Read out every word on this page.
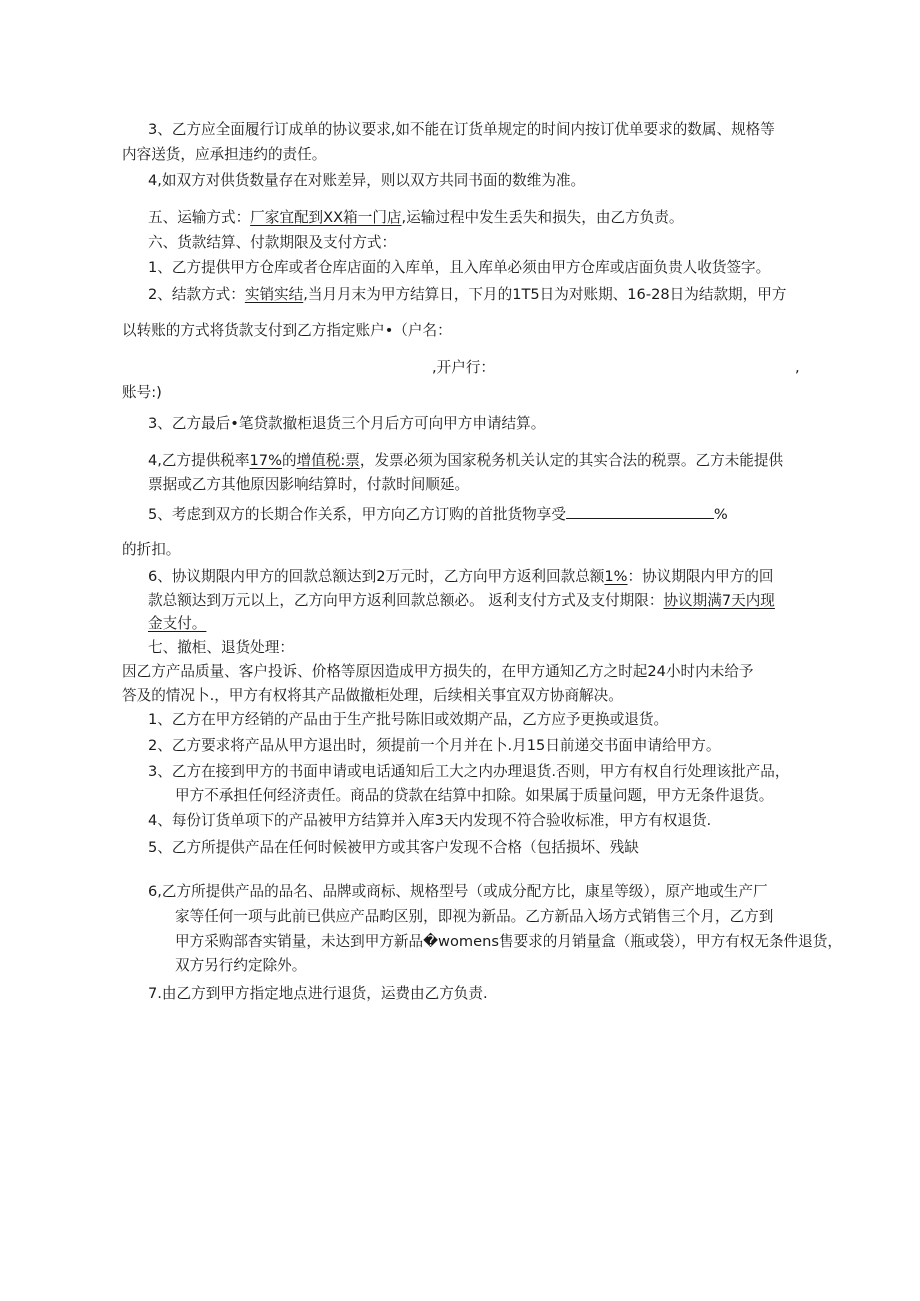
3、乙方应全面履行订成单的协议要求,如不能在订货单规定的时间内按订优单要求的数属、规格等
内容送货，应承担违约的责任。
4,如双方对供货数量存在对账差异，则以双方共同书面的数维为准。
五、运输方式：厂家宜配到XX箱一门店,运输过程中发生丢失和损失，由乙方负责。
六、货款结算、付款期限及支付方式：
1、乙方提供甲方仓库或者仓库店面的入库单，且入库单必须由甲方仓库或店面负贵人收货签字。
2、结款方式：实销实结,当月月末为甲方结算日，下月的1T5日为对账期、16-28日为结款期，甲方
以转账的方式将货款支付到乙方指定账户•（户名：
,开户行：	,
账号:)
3、乙方最后•笔贷款撤柜退货三个月后方可向甲方申请结算。
4,乙方提供税率17%的增值税:票，发票必须为国家税务机关认定的其实合法的税票。乙方未能提供
票据或乙方其他原因影响结算时，付款时间顺延。
5、考虑到双方的长期合作关系，甲方向乙方订购的首批货物享受	%
的折扣。
6、协议期限内甲方的回款总额达到2万元时，乙方向甲方返利回款总额1%：协议期限内甲方的回
款总额达到万元以上，乙方向甲方返利回款总额必。 返利支付方式及支付期限：协议期满7天内现
金支付。
七、撤柜、退货处理：
因乙方产品质量、客户投诉、价格等原因造成甲方损失的，在甲方通知乙方之时起24小时内未给予
答及的情况卜.，甲方有权将其产品做撤柜处理，后续相关事宜双方协商解决。
1、乙方在甲方经销的产品由于生产批号陈旧或效期产品，乙方应予更换或退货。
2、乙方要求将产品从甲方退出时，须提前一个月并在卜.月15日前递交书面申请给甲方。
3、乙方在接到甲方的书面申请或电话通知后工大之内办理退货.否则，甲方有权自行处理该批产品，
甲方不承担任何经济责任。商品的贷款在结算中扣除。如果属于质量问题，甲方无条件退货。
4、每份订货单项下的产品被甲方结算并入库3天内发现不符合验收标准，甲方有权退货.
5、乙方所提供产品在任何时候被甲方或其客户发现不合格（包括损坏、残缺
6,乙方所提供产品的品名、品牌或商标、规格型号（或成分配方比，康星等级），原产地或生产厂
家等任何一项与此前已供应产品畇区别，即视为新品。乙方新品入场方式销售三个月，乙方到
甲方采购部杳实销量，未达到甲方新品�womens售要求的月销量盒（瓶或袋），甲方有权无条件退货，
双方另行约定除外。
7.由乙方到甲方指定地点进行退货，运费由乙方负责.
